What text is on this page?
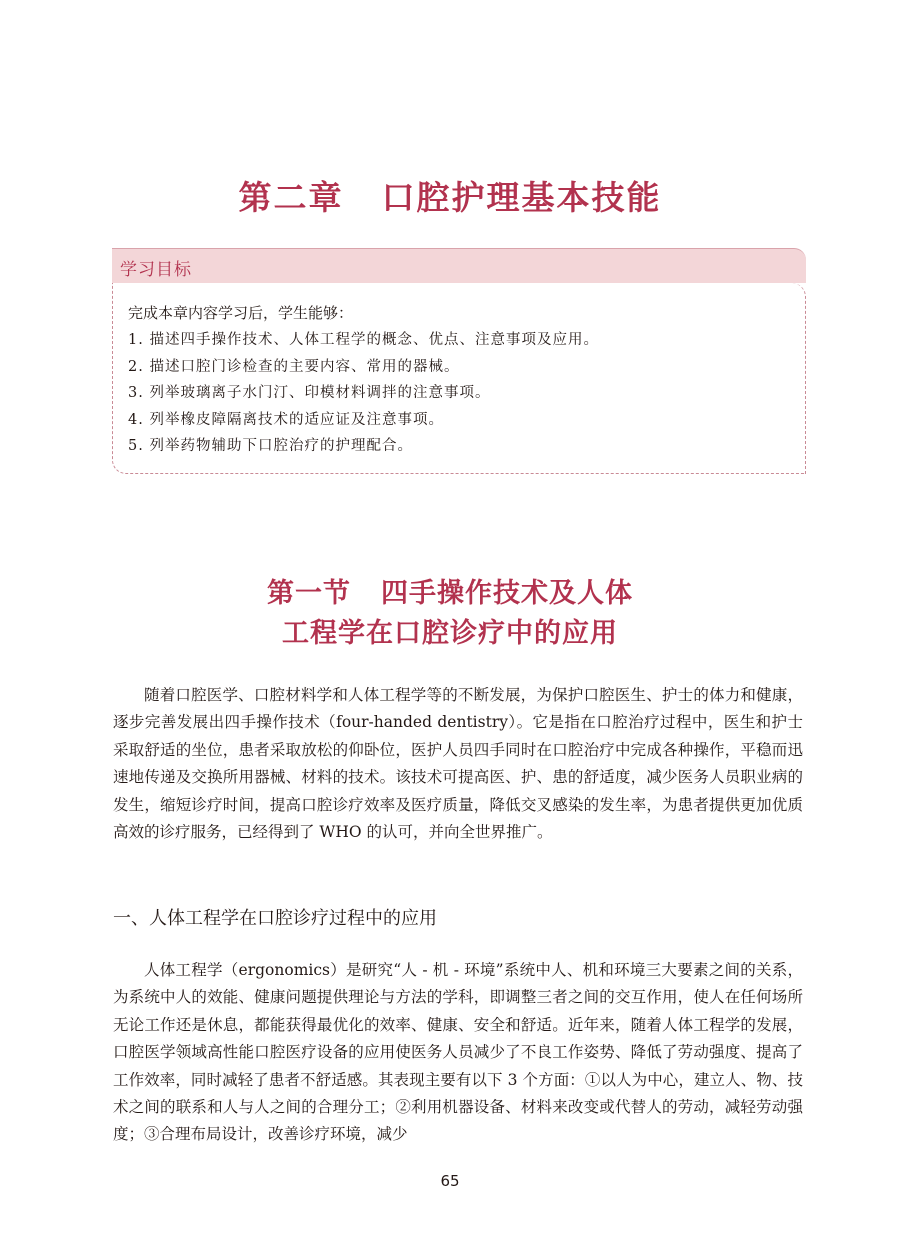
第二章 口腔护理基本技能
学习目标
完成本章内容学习后，学生能够：
1. 描述四手操作技术、人体工程学的概念、优点、注意事项及应用。
2. 描述口腔门诊检查的主要内容、常用的器械。
3. 列举玻璃离子水门汀、印模材料调拌的注意事项。
4. 列举橡皮障隔离技术的适应证及注意事项。
5. 列举药物辅助下口腔治疗的护理配合。
第一节 四手操作技术及人体
工程学在口腔诊疗中的应用

随着口腔医学、口腔材料学和人体工程学等的不断发展，为保护口腔医生、护士的体力和健康，逐步完善发展出四手操作技术（four-handed dentistry）。它是指在口腔治疗过程中，医生和护士采取舒适的坐位，患者采取放松的仰卧位，医护人员四手同时在口腔治疗中完成各种操作，平稳而迅速地传递及交换所用器械、材料的技术。该技术可提高医、护、患的舒适度，减少医务人员职业病的发生，缩短诊疗时间，提高口腔诊疗效率及医疗质量，降低交叉感染的发生率，为患者提供更加优质高效的诊疗服务，已经得到了 WHO 的认可，并向全世界推广。

一、人体工程学在口腔诊疗过程中的应用

人体工程学（ergonomics）是研究“人 - 机 - 环境”系统中人、机和环境三大要素之间的关系，为系统中人的效能、健康问题提供理论与方法的学科，即调整三者之间的交互作用，使人在任何场所无论工作还是休息，都能获得最优化的效率、健康、安全和舒适。近年来，随着人体工程学的发展，口腔医学领域高性能口腔医疗设备的应用使医务人员减少了不良工作姿势、降低了劳动强度、提高了工作效率，同时减轻了患者不舒适感。其表现主要有以下 3 个方面：①以人为中心，建立人、物、技术之间的联系和人与人之间的合理分工；②利用机器设备、材料来改变或代替人的劳动，减轻劳动强度；③合理布局设计，改善诊疗环境，减少

65
